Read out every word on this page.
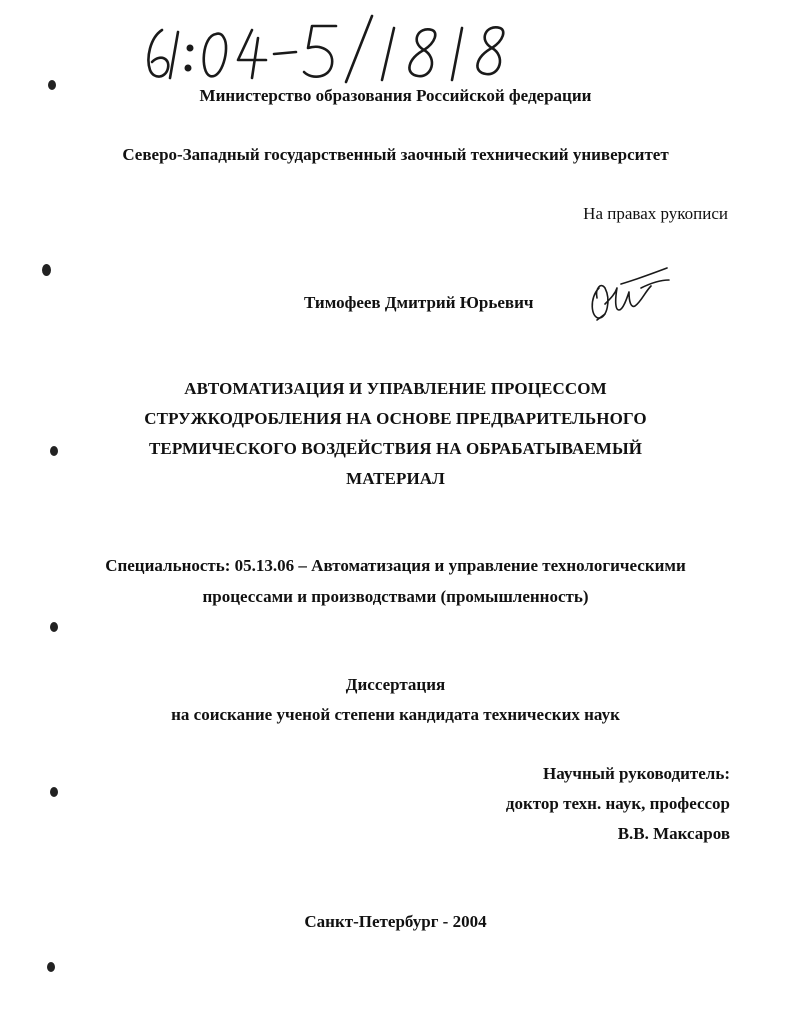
Министерство образования Российской федерации
Северо-Западный государственный заочный технический университет
На правах рукописи
Тимофеев Дмитрий Юрьевич
АВТОМАТИЗАЦИЯ И УПРАВЛЕНИЕ ПРОЦЕССОМ
СТРУЖКОДРОБЛЕНИЯ НА ОСНОВЕ ПРЕДВАРИТЕЛЬНОГО
ТЕРМИЧЕСКОГО ВОЗДЕЙСТВИЯ НА ОБРАБАТЫВАЕМЫЙ
МАТЕРИАЛ
Специальность: 05.13.06 – Автоматизация и управление технологическими
процессами и производствами (промышленность)
Диссертация
на соискание ученой степени кандидата технических наук
Научный руководитель:
доктор техн. наук, профессор
В.В. Максаров
Санкт-Петербург - 2004
